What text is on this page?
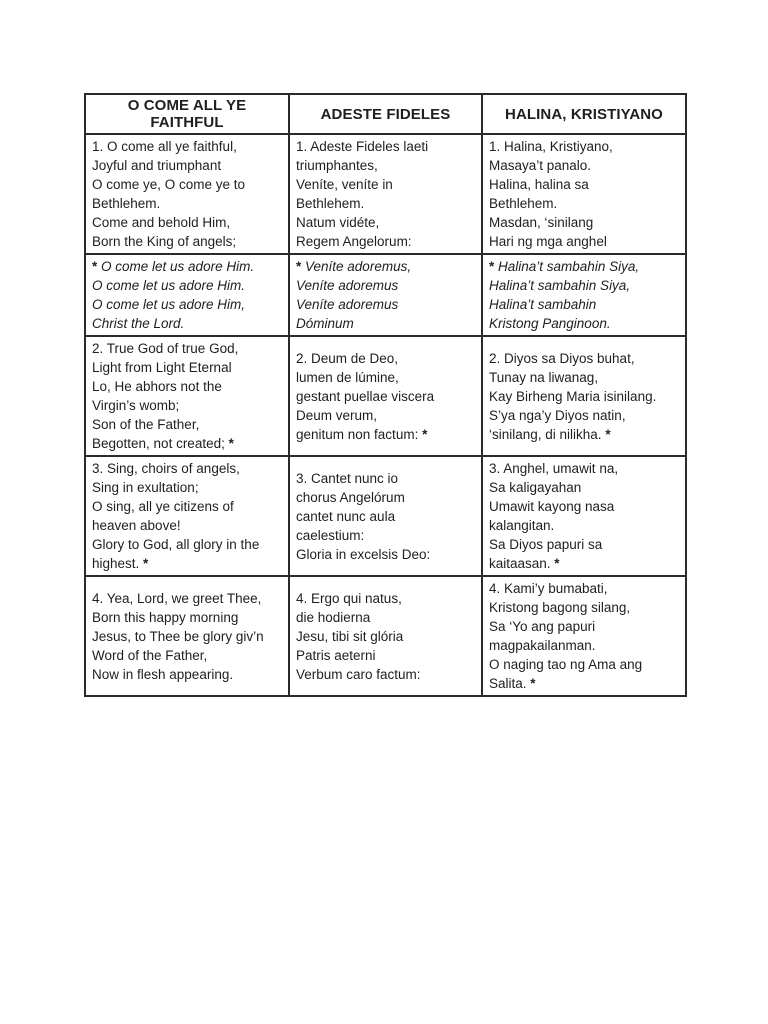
O COME ALL YE
FAITHFUL	ADESTE FIDELES	HALINA, KRISTIYANO
1. O come all ye faithful,
Joyful and triumphant
O come ye, O come ye to
Bethlehem.
Come and behold Him,
Born the King of angels;	1. Adeste Fideles laeti
triumphantes,
Veníte, veníte in
Bethlehem.
Natum vidéte,
Regem Angelorum:	1. Halina, Kristiyano,
Masaya’t panalo.
Halina, halina sa
Bethlehem.
Masdan, ‘sinilang
Hari ng mga anghel
* O come let us adore Him.
O come let us adore Him.
O come let us adore Him,
Christ the Lord.	* Veníte adoremus,
Veníte adoremus
Veníte adoremus
Dóminum	* Halina’t sambahin Siya,
Halina’t sambahin Siya,
Halina’t sambahin
Kristong Panginoon.
2. True God of true God,
Light from Light Eternal
Lo, He abhors not the
Virgin’s womb;
Son of the Father,
Begotten, not created; *	2. Deum de Deo,
lumen de lúmine,
gestant puellae viscera
Deum verum,
genitum non factum: *	2. Diyos sa Diyos buhat,
Tunay na liwanag,
Kay Birheng Maria isinilang.
S’ya nga’y Diyos natin,
‘sinilang, di nilikha. *
3. Sing, choirs of angels,
Sing in exultation;
O sing, all ye citizens of
heaven above!
Glory to God, all glory in the
highest. *	3. Cantet nunc io
chorus Angelórum
cantet nunc aula
caelestium:
Gloria in excelsis Deo:	3. Anghel, umawit na,
Sa kaligayahan
Umawit kayong nasa
kalangitan.
Sa Diyos papuri sa
kaitaasan. *
4. Yea, Lord, we greet Thee,
Born this happy morning
Jesus, to Thee be glory giv’n
Word of the Father,
Now in flesh appearing.	4. Ergo qui natus,
die hodierna
Jesu, tibi sit glória
Patris aeterni
Verbum caro factum:	4. Kami’y bumabati,
Kristong bagong silang,
Sa ‘Yo ang papuri
magpakailanman.
O naging tao ng Ama ang
Salita. *
